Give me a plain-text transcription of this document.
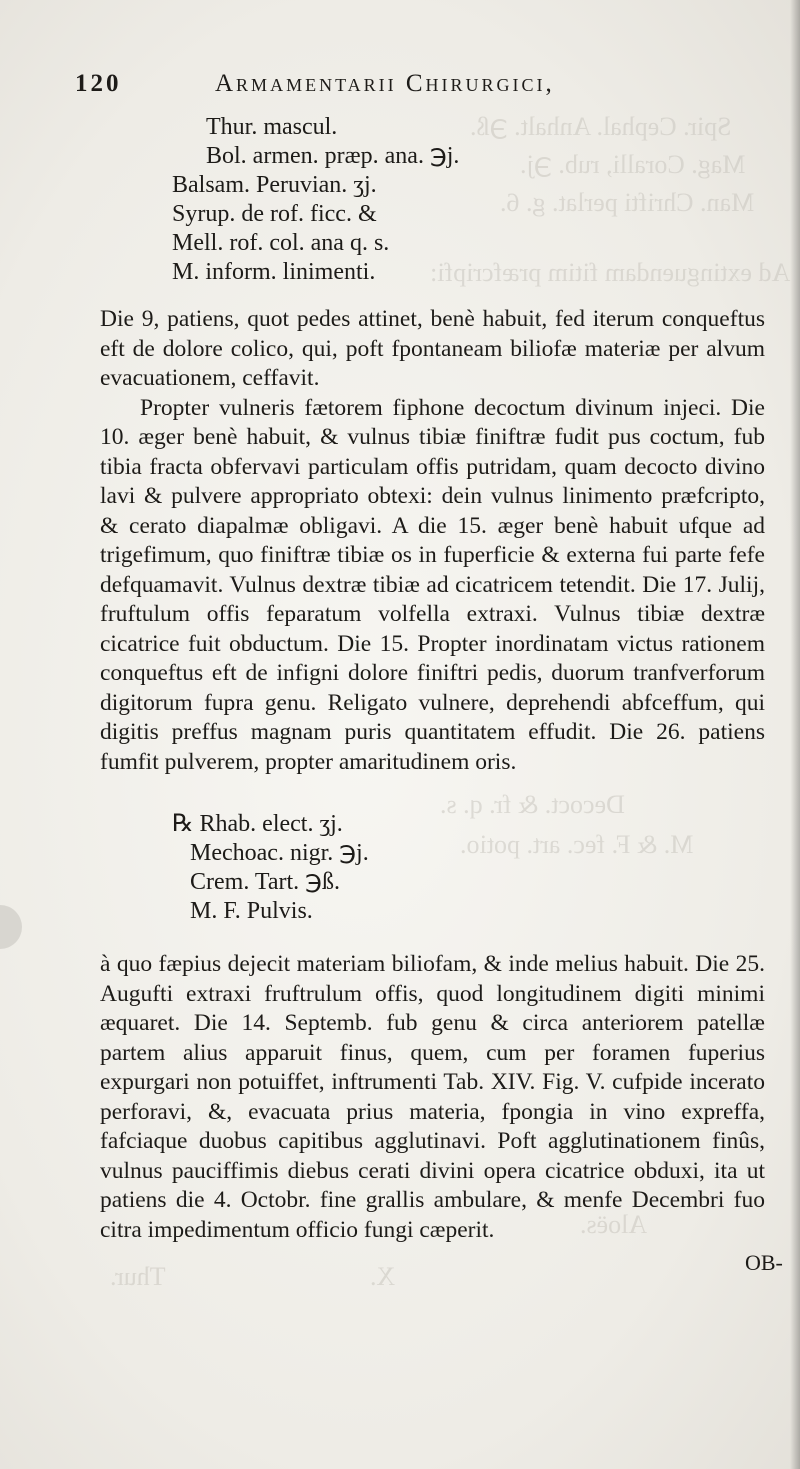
Spir. Cephal. Anhalt. ℈ß.
Mag. Coralli, rub. ℈j.
Man. Chrifti perlat. g. 6.
Ad extinguendam fitim præfcripfi:
Decoct. & fr. q. s.
M. & F. fec. art. potio.
Aloës.
Thur.	X.
120	Armamentarii Chirurgici,
Thur. mascul.
Bol. armen. præp. ana. ℈j.
Balsam. Peruvian. ʒj.
Syrup. de rof. ficc. &
Mell. rof. col. ana q. s.
M. inform. linimenti.

Die 9, patiens, quot pedes attinet, benè habuit, fed iterum conqueftus eft de dolore colico, qui, poft fpontaneam biliofæ materiæ per alvum evacuationem, ceffavit.

Propter vulneris fætorem fiphone decoctum divinum injeci. Die 10. æger benè habuit, & vulnus tibiæ finiftræ fudit pus coctum, fub tibia fracta obfervavi particulam offis putridam, quam decocto divino lavi & pulvere appropriato obtexi: dein vulnus linimento præfcripto, & cerato diapalmæ obligavi. A die 15. æger benè habuit ufque ad trigefimum, quo finiftræ tibiæ os in fuperficie & externa fui parte fefe defquamavit. Vulnus dextræ tibiæ ad cicatricem tetendit. Die 17. Julij, fruftulum offis feparatum volfella extraxi. Vulnus tibiæ dextræ cicatrice fuit obductum. Die 15. Propter inordinatam victus rationem conqueftus eft de infigni dolore finiftri pedis, duorum tranfverforum digitorum fupra genu. Religato vulnere, deprehendi abfceffum, qui digitis preffus magnam puris quantitatem effudit. Die 26. patiens fumfit pulverem, propter amaritudinem oris.

℞ Rhab. elect. ʒj.
Mechoac. nigr. ℈j.
Crem. Tart. ℈ß.
M. F. Pulvis.

à quo fæpius dejecit materiam biliofam, & inde melius habuit. Die 25. Augufti extraxi fruftrulum offis, quod longitudinem digiti minimi æquaret. Die 14. Septemb. fub genu & circa anteriorem patellæ partem alius apparuit finus, quem, cum per foramen fuperius expurgari non potuiffet, inftrumenti Tab. XIV. Fig. V. cufpide incerato perforavi, &, evacuata prius materia, fpongia in vino expreffa, fafciaque duobus capitibus agglutinavi. Poft agglutinationem finûs, vulnus pauciffimis diebus cerati divini opera cicatrice obduxi, ita ut patiens die 4. Octobr. fine grallis ambulare, & menfe Decembri fuo citra impedimentum officio fungi cæperit.

OB-
